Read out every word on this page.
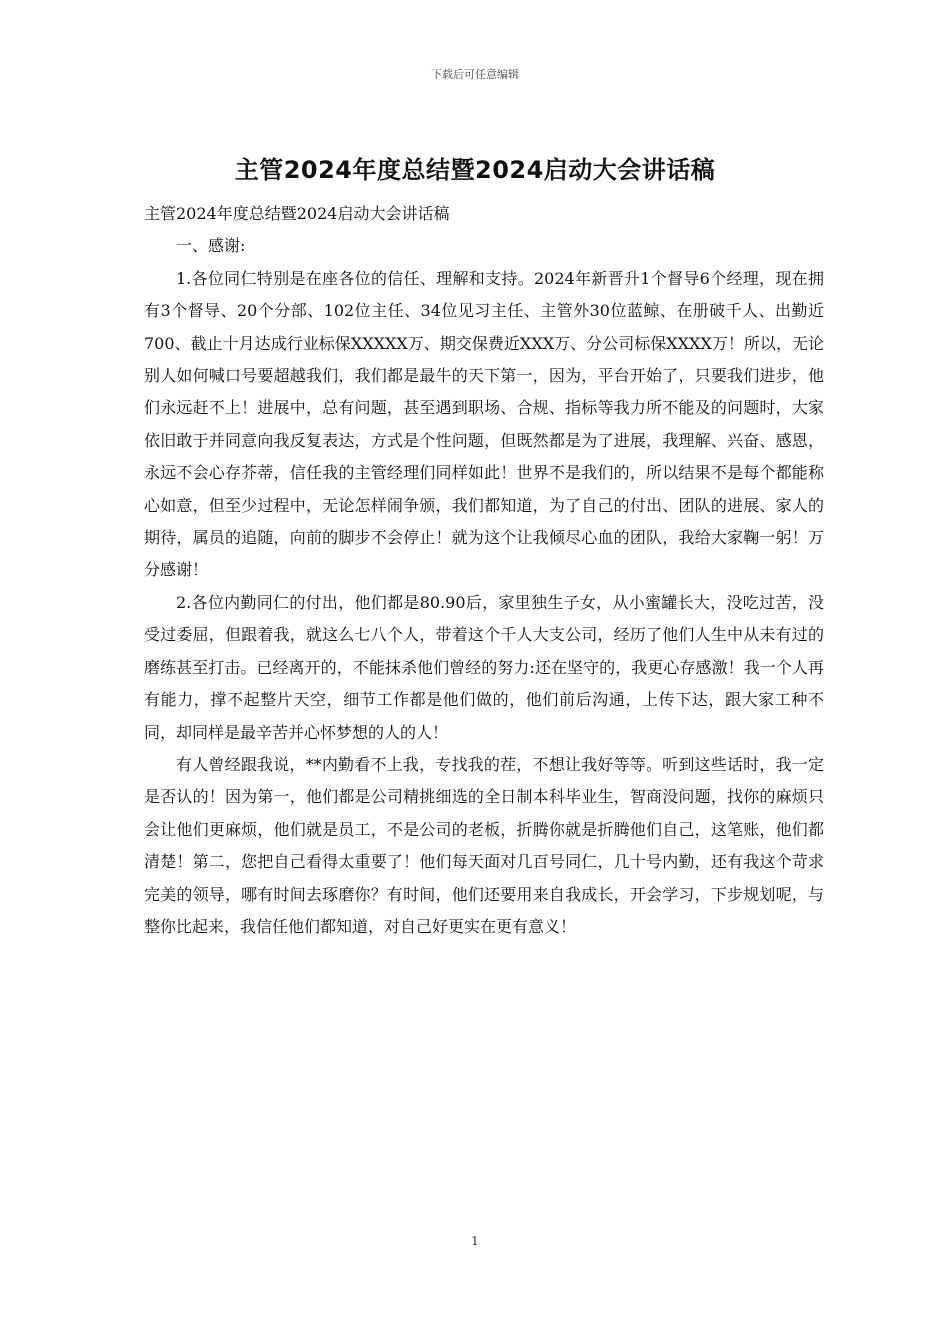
下载后可任意编辑
主管2024年度总结暨2024启动大会讲话稿

主管2024年度总结暨2024启动大会讲话稿

一、感谢:

1.各位同仁特别是在座各位的信任、理解和支持。2024年新晋升1个督导6个经理，现在拥有3个督导、20个分部、102位主任、34位见习主任、主管外30位蓝鲸、在册破千人、出勤近700、截止十月达成行业标保XXXXX万、期交保费近XXX万、分公司标保XXXX万！所以，无论别人如何喊口号要超越我们，我们都是最牛的天下第一，因为，平台开始了，只要我们进步，他们永远赶不上！进展中，总有问题，甚至遇到职场、合规、指标等我力所不能及的问题时，大家依旧敢于并同意向我反复表达，方式是个性问题，但既然都是为了进展，我理解、兴奋、感恩，永远不会心存芥蒂，信任我的主管经理们同样如此！世界不是我们的，所以结果不是每个都能称心如意，但至少过程中，无论怎样闹争颁，我们都知道，为了自己的付出、团队的进展、家人的期待，属员的追随，向前的脚步不会停止！就为这个让我倾尽心血的团队，我给大家鞠一躬！万分感谢！

2.各位内勤同仁的付出，他们都是80.90后，家里独生子女，从小蜜罐长大，没吃过苦，没受过委屈，但跟着我，就这么七八个人，带着这个千人大支公司，经历了他们人生中从未有过的磨练甚至打击。已经离开的，不能抹杀他们曾经的努力:还在坚守的，我更心存感激！我一个人再有能力，撑不起整片天空，细节工作都是他们做的，他们前后沟通，上传下达，跟大家工种不同，却同样是最辛苦并心怀梦想的人的人！

有人曾经跟我说，**内勤看不上我，专找我的茬，不想让我好等等。听到这些话时，我一定是否认的！因为第一，他们都是公司精挑细选的全日制本科毕业生，智商没问题，找你的麻烦只会让他们更麻烦，他们就是员工，不是公司的老板，折腾你就是折腾他们自己，这笔账，他们都清楚！第二，您把自己看得太重要了！他们每天面对几百号同仁，几十号内勤，还有我这个苛求完美的领导，哪有时间去琢磨你？有时间，他们还要用来自我成长，开会学习，下步规划呢，与整你比起来，我信任他们都知道，对自己好更实在更有意义！

1
